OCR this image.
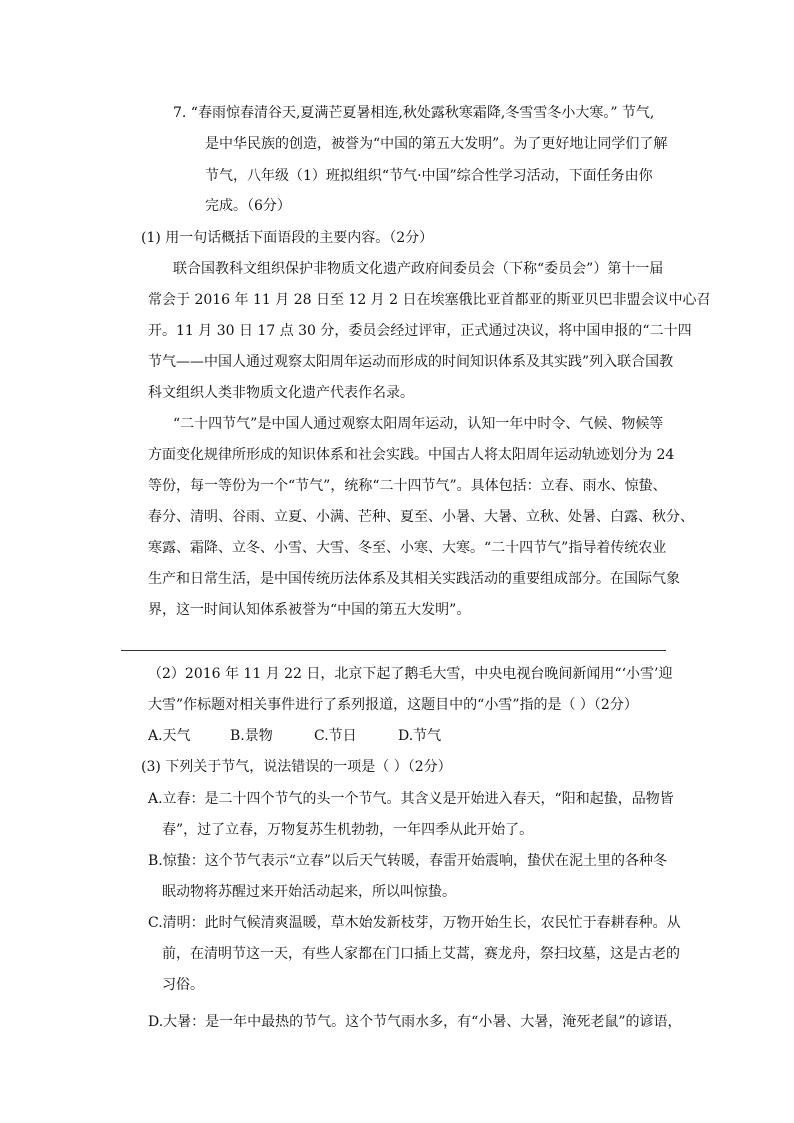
7. “春雨惊春清谷天,夏满芒夏暑相连,秋处露秋寒霜降,冬雪雪冬小大寒。” 节气,
是中华民族的创造，被誉为“中国的第五大发明”。为了更好地让同学们了解
节气，八年级（1）班拟组织“节气·中国”综合性学习活动，下面任务由你
完成。（6分）
(1) 用一句话概括下面语段的主要内容。（2分）
联合国教科文组织保护非物质文化遗产政府间委员会（下称“委员会”）第十一届
常会于 2016 年 11 月 28 日至 12 月 2 日在埃塞俄比亚首都亚的斯亚贝巴非盟会议中心召
开。11 月 30 日 17 点 30 分，委员会经过评审，正式通过决议，将中国申报的“二十四
节气——中国人通过观察太阳周年运动而形成的时间知识体系及其实践”列入联合国教
科文组织人类非物质文化遗产代表作名录。
“二十四节气”是中国人通过观察太阳周年运动，认知一年中时令、气候、物候等
方面变化规律所形成的知识体系和社会实践。中国古人将太阳周年运动轨迹划分为 24
等份，每一等份为一个“节气”，统称“二十四节气”。具体包括：立春、雨水、惊蛰、
春分、清明、谷雨、立夏、小满、芒种、夏至、小暑、大暑、立秋、处暑、白露、秋分、
寒露、霜降、立冬、小雪、大雪、冬至、小寒、大寒。“二十四节气”指导着传统农业
生产和日常生活，是中国传统历法体系及其相关实践活动的重要组成部分。在国际气象
界，这一时间认知体系被誉为“中国的第五大发明”。
（2）2016 年 11 月 22 日，北京下起了鹅毛大雪，中央电视台晚间新闻用“‘小雪’迎
大雪”作标题对相关事件进行了系列报道，这题目中的“小雪”指的是（ ）（2分）
A.天气	B.景物	C.节日	D.节气
(3) 下列关于节气，说法错误的一项是（ ）（2分）
A.立春：是二十四个节气的头一个节气。其含义是开始进入春天，“阳和起蛰，品物皆
春”，过了立春，万物复苏生机勃勃，一年四季从此开始了。
B.惊蛰：这个节气表示“立春”以后天气转暖，春雷开始震响，蛰伏在泥土里的各种冬
眠动物将苏醒过来开始活动起来，所以叫惊蛰。
C.清明：此时气候清爽温暖，草木始发新枝芽，万物开始生长，农民忙于春耕春种。从
前，在清明节这一天，有些人家都在门口插上艾蒿，赛龙舟，祭扫坟墓，这是古老的
习俗。
D.大暑：是一年中最热的节气。这个节气雨水多，有“小暑、大暑，淹死老鼠”的谚语，
